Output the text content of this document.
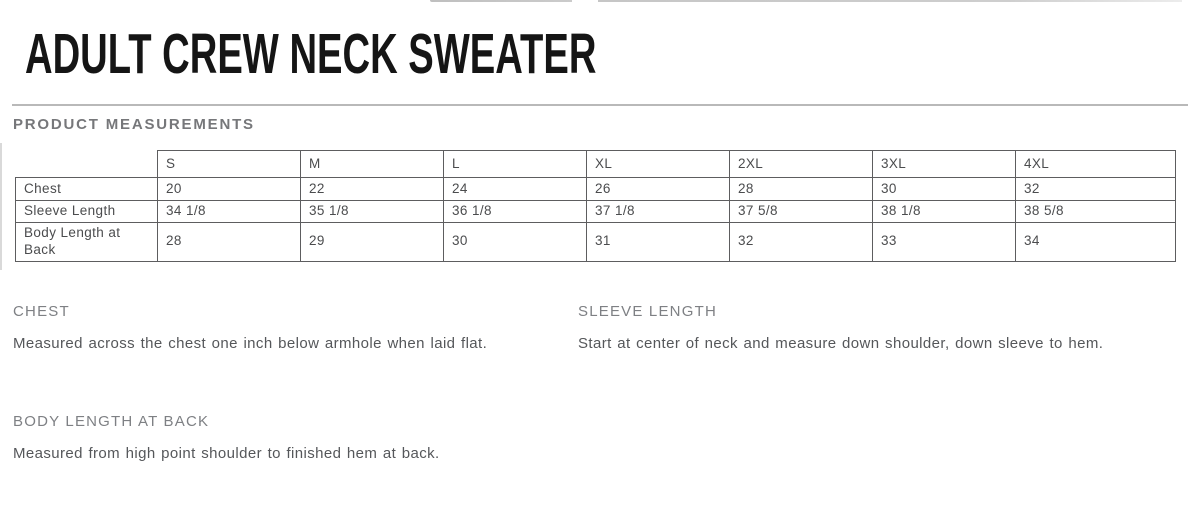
ADULT CREW NECK SWEATER
PRODUCT MEASUREMENTS
	S	M	L	XL	2XL	3XL	4XL
Chest	20	22	24	26	28	30	32
Sleeve Length	34 1/8	35 1/8	36 1/8	37 1/8	37 5/8	38 1/8	38 5/8
Body Length at Back	28	29	30	31	32	33	34
CHEST
Measured across the chest one inch below armhole when laid flat.
SLEEVE LENGTH
Start at center of neck and measure down shoulder, down sleeve to hem.
BODY LENGTH AT BACK
Measured from high point shoulder to finished hem at back.
